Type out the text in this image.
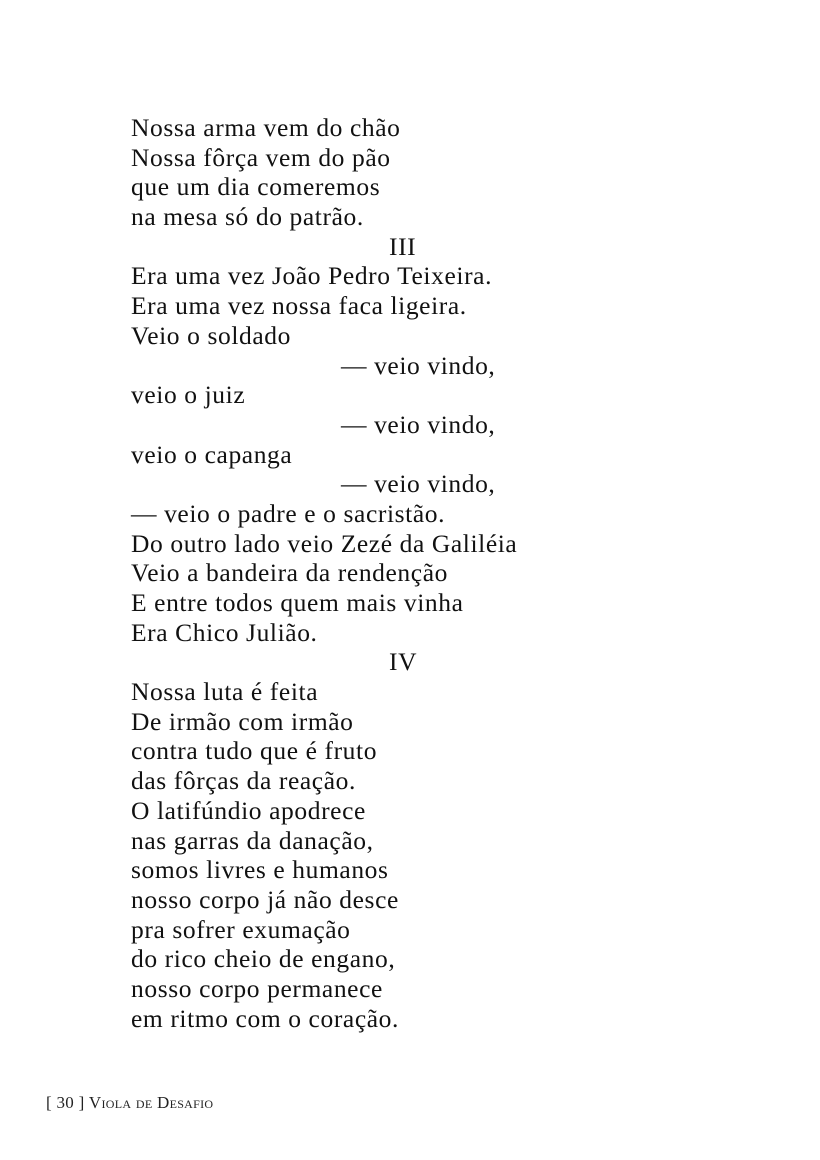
Nossa arma vem do chão
Nossa fôrça vem do pão
que um dia comeremos
na mesa só do patrão.
III
Era uma vez João Pedro Teixeira.
Era uma vez nossa faca ligeira.
Veio o soldado
— veio vindo,
veio o juiz
— veio vindo,
veio o capanga
— veio vindo,
— veio o padre e o sacristão.
Do outro lado veio Zezé da Galiléia
Veio a bandeira da rendenção
E entre todos quem mais vinha
Era Chico Julião.
IV
Nossa luta é feita
De irmão com irmão
contra tudo que é fruto
das fôrças da reação.
O latifúndio apodrece
nas garras da danação,
somos livres e humanos
nosso corpo já não desce
pra sofrer exumação
do rico cheio de engano,
nosso corpo permanece
em ritmo com o coração.
[ 30 ] Viola de Desafio
